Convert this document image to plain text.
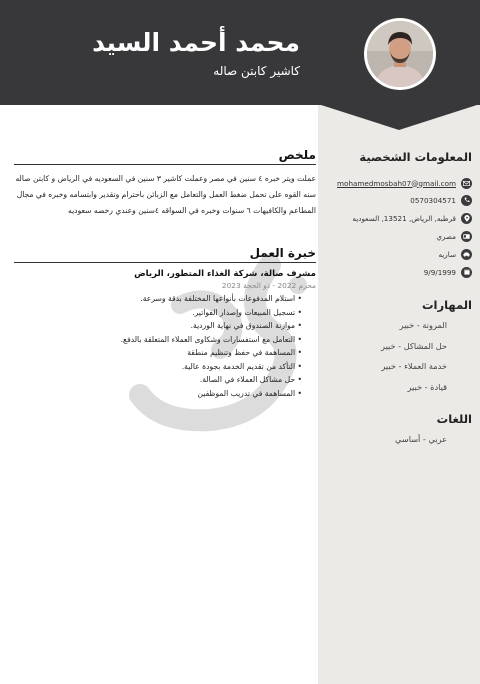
محمد أحمد السيد
كاشير كابتن صاله
ملخص

عملت ويتر خبره ٤ سنين في مصر وعملت كاشير ٣ سنين في السعوديه في الرياض و كابتن صاله سنه القوه على تحمل ضغط العمل والتعامل مع الزبائن باحترام وتقدير وابتسامه وخبره في مجال المطاعم والكافيهات ٦ سنوات وخبره في السواقه ٤سنين وعندي رخصه سعوديه

خبرة العمل
مشرف صالة، شركة الغذاء المتطور، الرياض
محرم 2022 - ذو الحجة 2023
• استلام المدفوعات بأنواعها المختلفة بدقة وسرعة.
• تسجيل المبيعات وإصدار الفواتير.
• موازنة الصندوق في نهاية الوردية.
• التعامل مع استفسارات وشكاوى العملاء المتعلقة بالدفع.
• المساهمة في حفظ وتنظيم منطقة
• التأكد من تقديم الخدمة بجودة عالية.
• حل مشاكل العملاء في الصالة.
• المساهمة في تدريب الموظفين
المعلومات الشخصية
mohamedmosbah07@gmail.com
0570304571
قرطبه, الرياض, 13521, السعوديه
مصري
ساريه
9/9/1999
المهارات
المرونة - خبير
حل المشاكل - خبير
خدمة العملاء - خبير
قيادة - خبير
اللغات
عربي - أساسي
